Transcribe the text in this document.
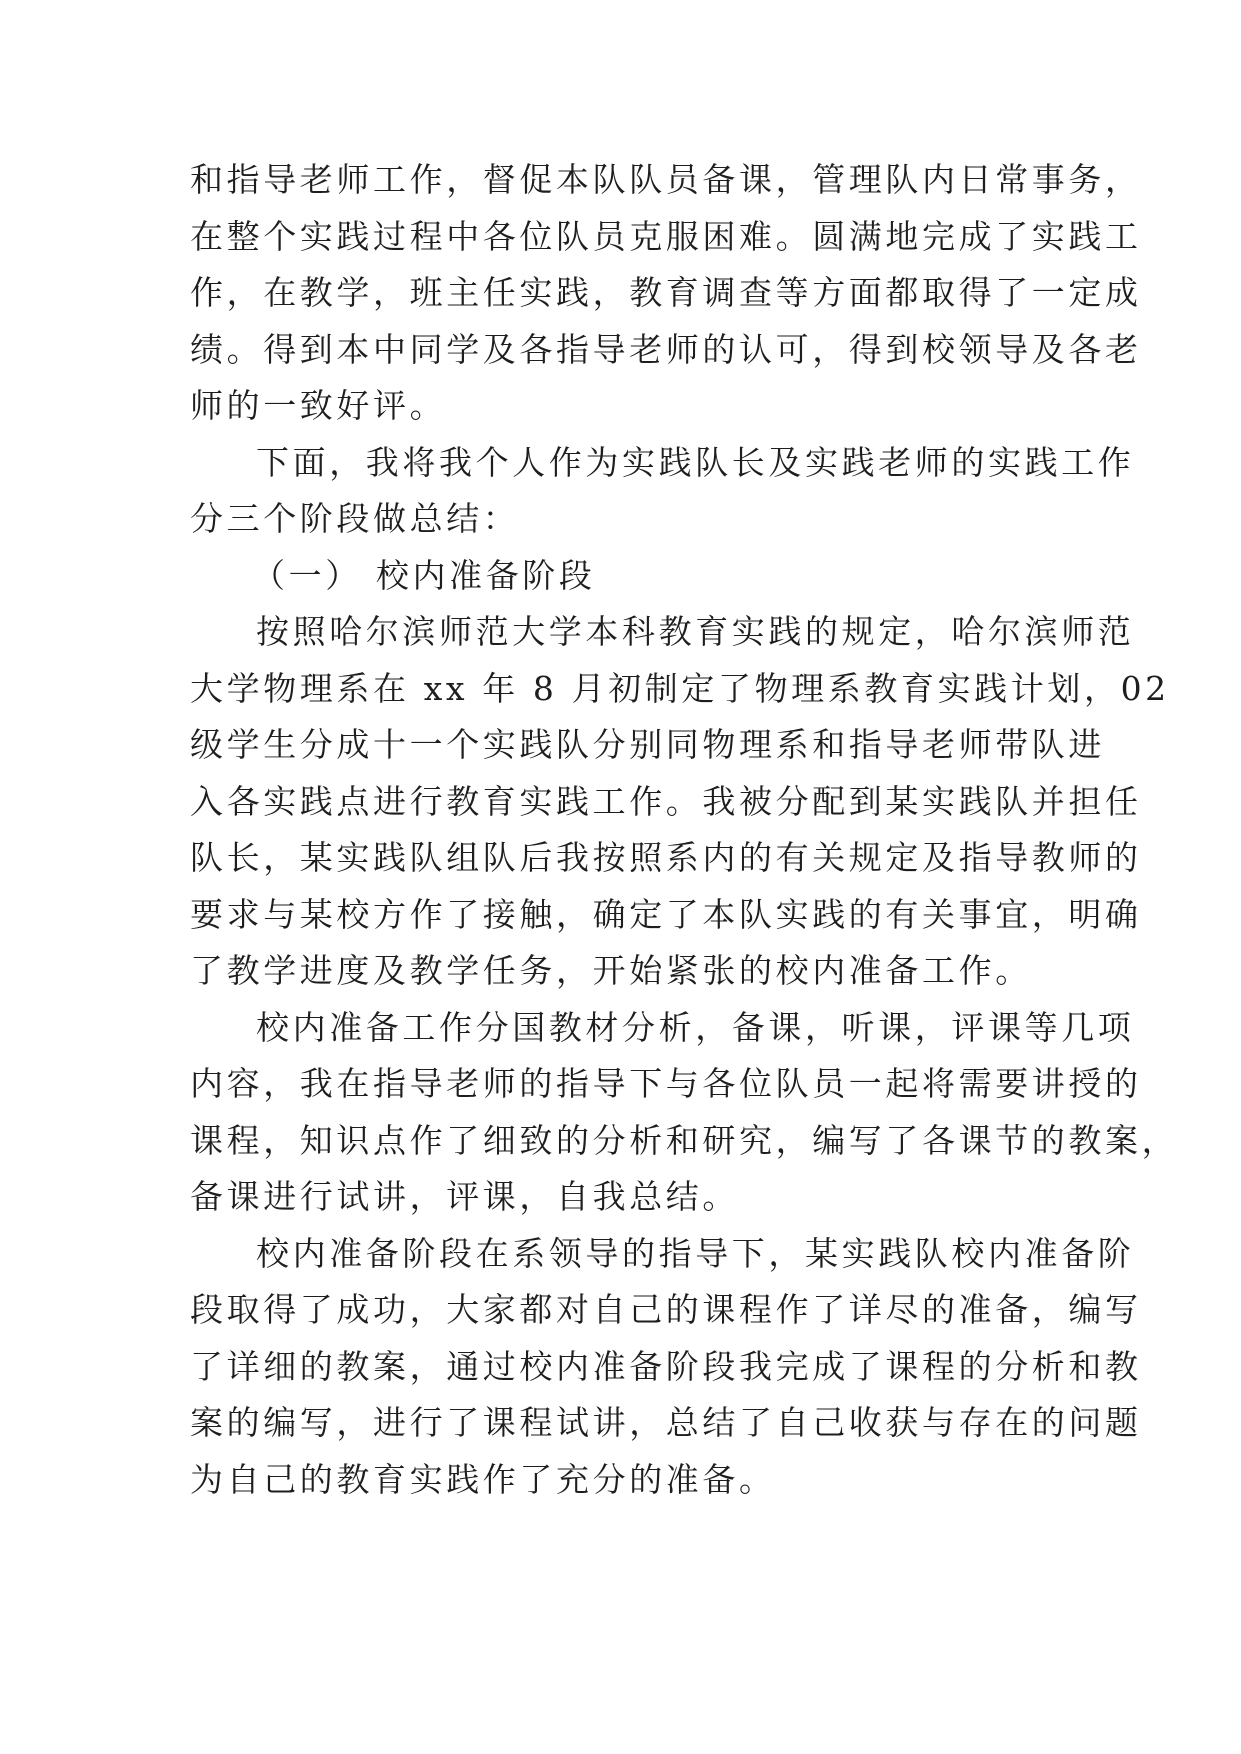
和指导老师工作，督促本队队员备课，管理队内日常事务，

在整个实践过程中各位队员克服困难。圆满地完成了实践工

作，在教学，班主任实践，教育调查等方面都取得了一定成

绩。得到本中同学及各指导老师的认可，得到校领导及各老

师的一致好评。

下面，我将我个人作为实践队长及实践老师的实践工作

分三个阶段做总结：

（一） 校内准备阶段

按照哈尔滨师范大学本科教育实践的规定，哈尔滨师范

大学物理系在 xx 年 8 月初制定了物理系教育实践计划，02

级学生分成十一个实践队分别同物理系和指导老师带队进

入各实践点进行教育实践工作。我被分配到某实践队并担任

队长，某实践队组队后我按照系内的有关规定及指导教师的

要求与某校方作了接触，确定了本队实践的有关事宜，明确

了教学进度及教学任务，开始紧张的校内准备工作。

校内准备工作分国教材分析，备课，听课，评课等几项

内容，我在指导老师的指导下与各位队员一起将需要讲授的

课程，知识点作了细致的分析和研究，编写了各课节的教案，

备课进行试讲，评课，自我总结。

校内准备阶段在系领导的指导下，某实践队校内准备阶

段取得了成功，大家都对自己的课程作了详尽的准备，编写

了详细的教案，通过校内准备阶段我完成了课程的分析和教

案的编写，进行了课程试讲，总结了自己收获与存在的问题

为自己的教育实践作了充分的准备。
